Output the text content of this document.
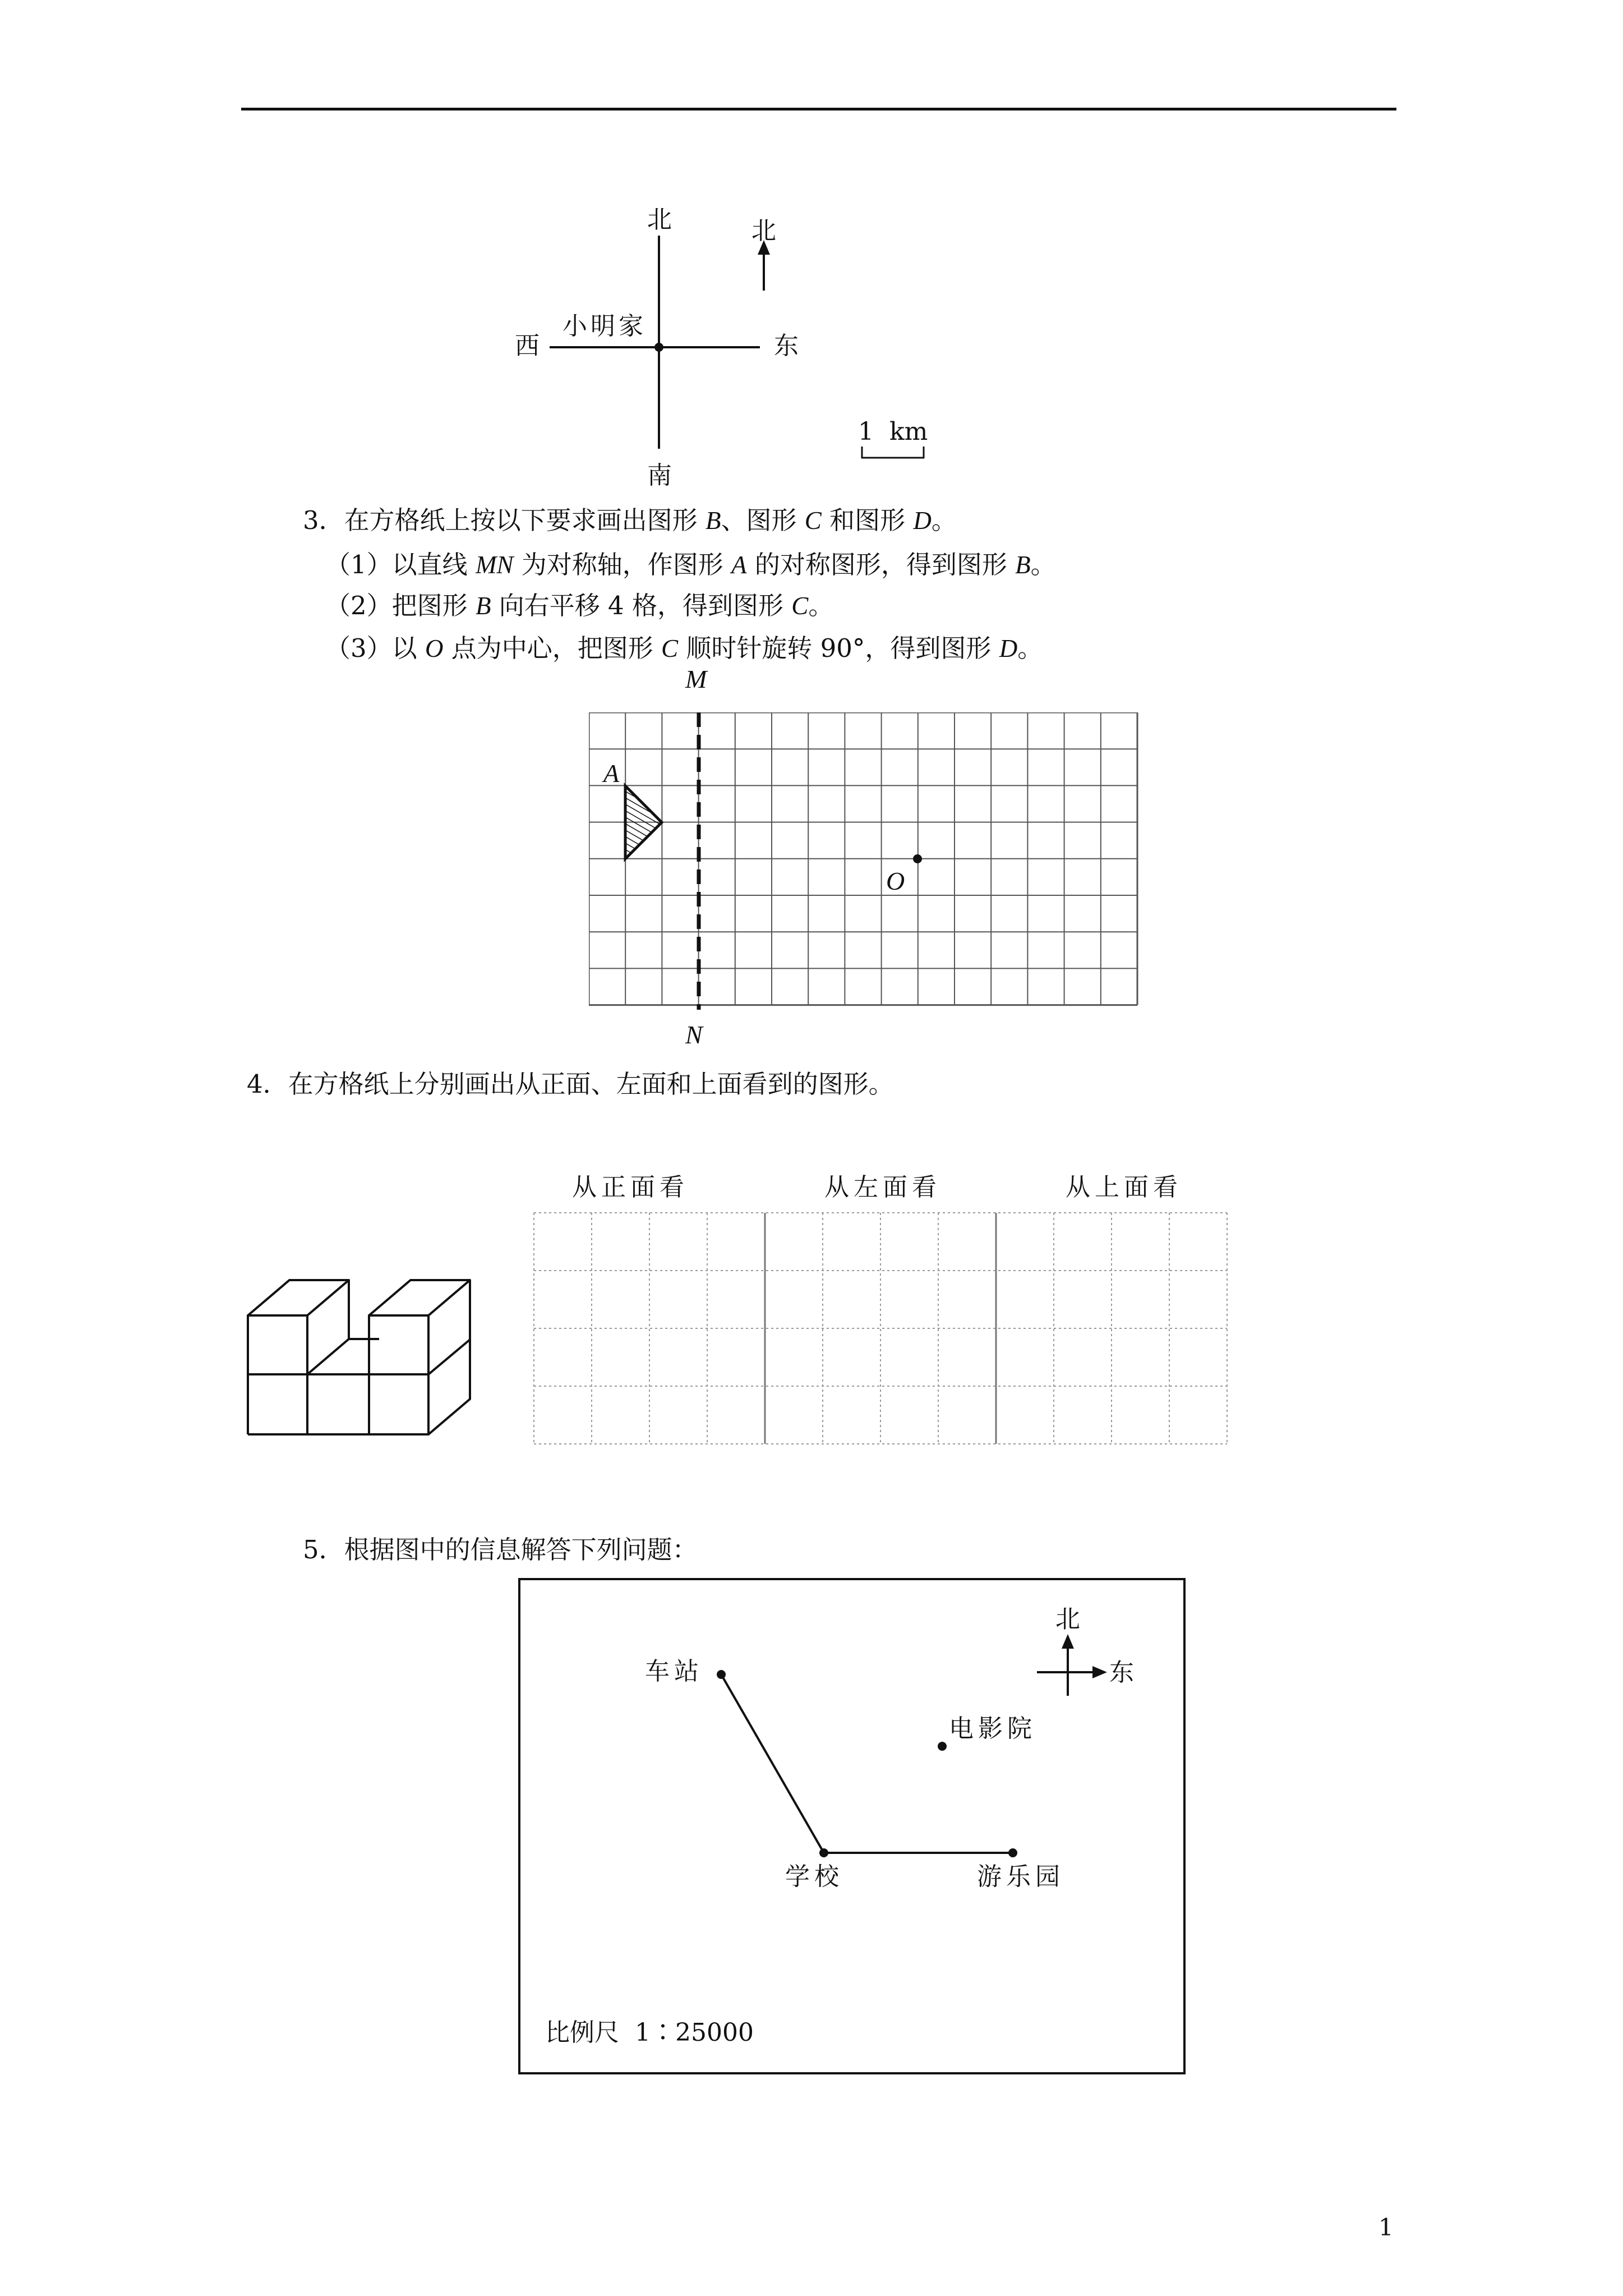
北
南
西	东
小明家
北
1  km
3．在方格纸上按以下要求画出图形 B、图形 C 和图形 D。
（1）以直线 MN 为对称轴，作图形 A 的对称图形，得到图形 B。
（2）把图形 B 向右平移 4 格，得到图形 C。
（3）以 O 点为中心，把图形 C 顺时针旋转 90°，得到图形 D。
M
N
A
O
4．在方格纸上分别画出从正面、左面和上面看到的图形。
从正面看	从左面看	从上面看
5．根据图中的信息解答下列问题：
车站
电影院
学校	游乐园
北
东
比例尺  1∶25000
1
